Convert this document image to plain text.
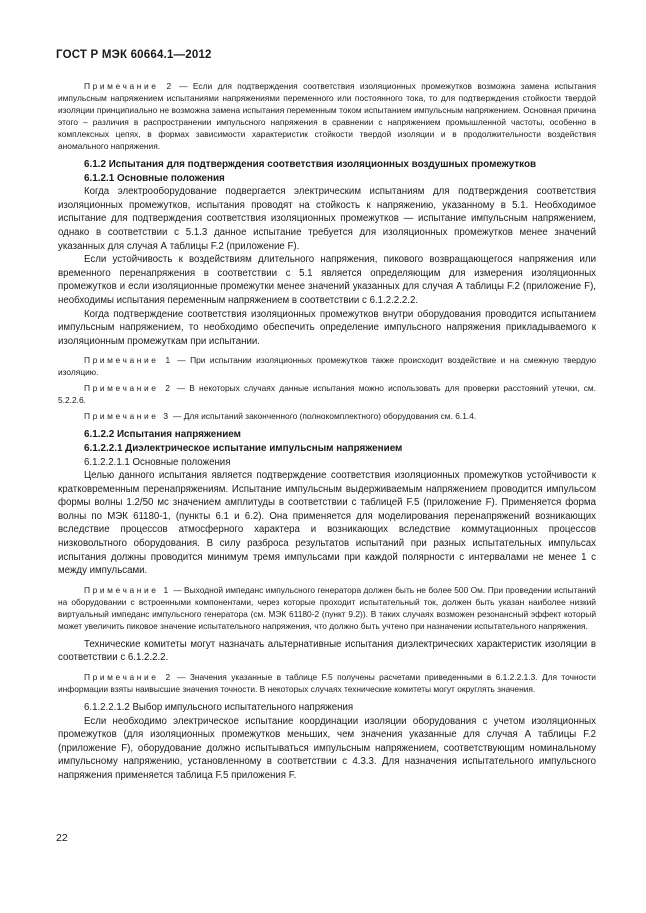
ГОСТ Р МЭК 60664.1—2012

Примечание 2 — Если для подтверждения соответствия изоляционных промежутков возможна замена испытания импульсным напряжением испытаниями напряжениями переменного или постоянного тока, то для подтверждения стойкости твердой изоляции принципиально не возможна замена испытания переменным током испытанием импульсным напряжением. Основная причина этого – различия в распространении импульсного напряжения в сравнении с напряжением промышленной частоты, особенно в комплексных цепях, в формах зависимости характеристик стойкости твердой изоляции и в продолжительности воздействия аномального напряжения.

6.1.2 Испытания для подтверждения соответствия изоляционных воздушных промежутков

6.1.2.1 Основные положения

Когда электрооборудование подвергается электрическим испытаниям для подтверждения соответствия изоляционных промежутков, испытания проводят на стойкость к напряжению, указанному в 5.1. Необходимое испытание для подтверждения соответствия изоляционных промежутков — испытание импульсным напряжением, однако в соответствии с 5.1.3 данное испытание требуется для изоляционных промежутков менее значений указанных для случая А таблицы F.2 (приложение F).

Если устойчивость к воздействиям длительного напряжения, пикового возвращающегося напряжения или временного перенапряжения в соответствии с 5.1 является определяющим для измерения изоляционных промежутков и если изоляционные промежутки менее значений указанных для случая А таблицы F.2 (приложение F), необходимы испытания переменным напряжением в соответствии с 6.1.2.2.2.2.

Когда подтверждение соответствия изоляционных промежутков внутри оборудования проводится испытанием импульсным напряжением, то необходимо обеспечить определение импульсного напряжения прикладываемого к изоляционным промежуткам при испытании.

Примечание 1 — При испытании изоляционных промежутков также происходит воздействие и на смежную твердую изоляцию.

Примечание 2 — В некоторых случаях данные испытания можно использовать для проверки расстояний утечки, см. 5.2.2.6.

Примечание 3 — Для испытаний законченного (полнокомплектного) оборудования см. 6.1.4.

6.1.2.2 Испытания напряжением

6.1.2.2.1 Диэлектрическое испытание импульсным напряжением

6.1.2.2.1.1 Основные положения

Целью данного испытания является подтверждение соответствия изоляционных промежутков устойчивости к кратковременным перенапряжениям. Испытание импульсным выдерживаемым напряжением проводится импульсом формы волны 1.2/50 мс значением амплитуды в соответствии с таблицей F.5 (приложение F). Применяется форма волны по МЭК 61180-1, (пункты 6.1 и 6.2). Она применяется для моделирования перенапряжений возникающих вследствие процессов атмосферного характера и возникающих вследствие коммутационных процессов низковольтного оборудования. В силу разброса результатов испытаний при разных испытательных импульсах испытания должны проводится минимум тремя импульсами при каждой полярности с интервалами не менее 1 с между импульсами.

Примечание 1 — Выходной импеданс импульсного генератора должен быть не более 500 Ом. При проведении испытаний на оборудовании с встроенными компонентами, через которые проходит испытательный ток, должен быть указан наиболее низкий виртуальный импеданс импульсного генератора (см. МЭК 61180-2 (пункт 9.2)). В таких случаях возможен резонансный эффект который может увеличить пиковое значение испытательного напряжения, что должно быть учтено при назначении испытательного напряжения.

Технические комитеты могут назначать альтернативные испытания диэлектрических характеристик изоляции в соответствии с 6.1.2.2.2.

Примечание 2 — Значения указанные в таблице F.5 получены расчетами приведенными в 6.1.2.2.1.3. Для точности информации взяты наивысшие значения точности. В некоторых случаях технические комитеты могут округлять значения.

6.1.2.2.1.2 Выбор импульсного испытательного напряжения

Если необходимо электрическое испытание координации изоляции оборудования с учетом изоляционных промежутков (для изоляционных промежутков меньших, чем значения указанные для случая А таблицы F.2 (приложение F), оборудование должно испытываться импульсным напряжением, соответствующим номинальному импульсному напряжению, установленному в соответствии с 4.3.3. Для назначения испытательного импульсного напряжения применяется таблица F.5 приложения F.

22
